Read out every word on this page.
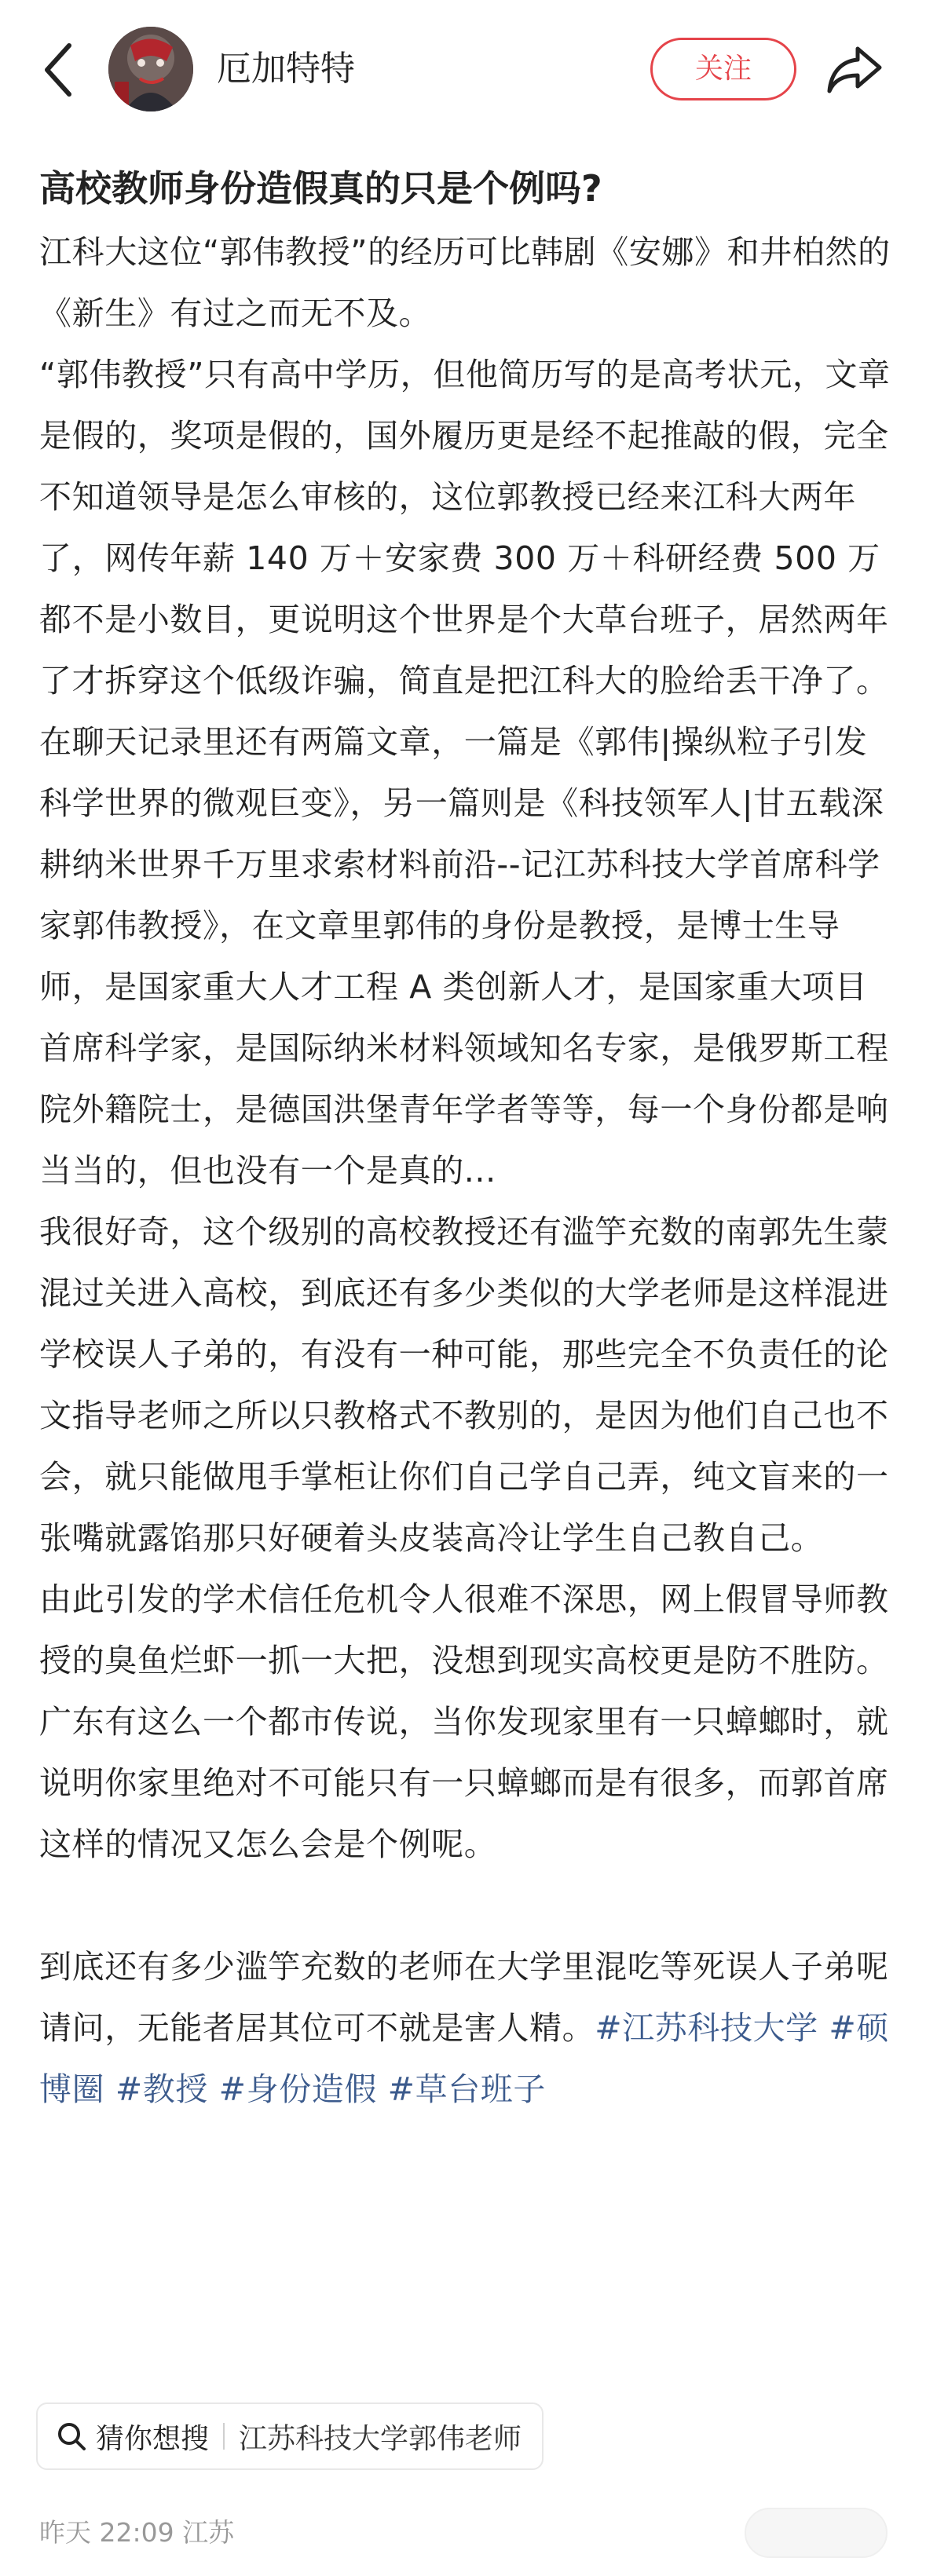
厄加特特	关注
高校教师身份造假真的只是个例吗?

江科大这位“郭伟教授”的经历可比韩剧《安娜》和井柏然的《新生》有过之而无不及。

“郭伟教授”只有高中学历，但他简历写的是高考状元，文章是假的，奖项是假的，国外履历更是经不起推敲的假，完全不知道领导是怎么审核的，这位郭教授已经来江科大两年了，网传年薪 140 万＋安家费 300 万＋科研经费 500 万都不是小数目，更说明这个世界是个大草台班子，居然两年了才拆穿这个低级诈骗，简直是把江科大的脸给丢干净了。

在聊天记录里还有两篇文章，一篇是《郭伟|操纵粒子引发科学世界的微观巨变》，另一篇则是《科技领军人|甘五载深耕纳米世界千万里求索材料前沿--记江苏科技大学首席科学家郭伟教授》，在文章里郭伟的身份是教授，是博士生导师，是国家重大人才工程 A 类创新人才，是国家重大项目首席科学家，是国际纳米材料领域知名专家，是俄罗斯工程院外籍院士，是德国洪堡青年学者等等，每一个身份都是响当当的，但也没有一个是真的...

我很好奇，这个级别的高校教授还有滥竽充数的南郭先生蒙混过关进入高校，到底还有多少类似的大学老师是这样混进学校误人子弟的，有没有一种可能，那些完全不负责任的论文指导老师之所以只教格式不教别的，是因为他们自己也不会，就只能做甩手掌柜让你们自己学自己弄，纯文盲来的一张嘴就露馅那只好硬着头皮装高冷让学生自己教自己。

由此引发的学术信任危机令人很难不深思，网上假冒导师教授的臭鱼烂虾一抓一大把，没想到现实高校更是防不胜防。广东有这么一个都市传说，当你发现家里有一只蟑螂时，就说明你家里绝对不可能只有一只蟑螂而是有很多，而郭首席这样的情况又怎么会是个例呢。

到底还有多少滥竽充数的老师在大学里混吃等死误人子弟呢请问，无能者居其位可不就是害人精。#江苏科技大学 #硕博圈 #教授 #身份造假 #草台班子

猜你想搜 江苏科技大学郭伟老师
昨天 22:09 江苏
